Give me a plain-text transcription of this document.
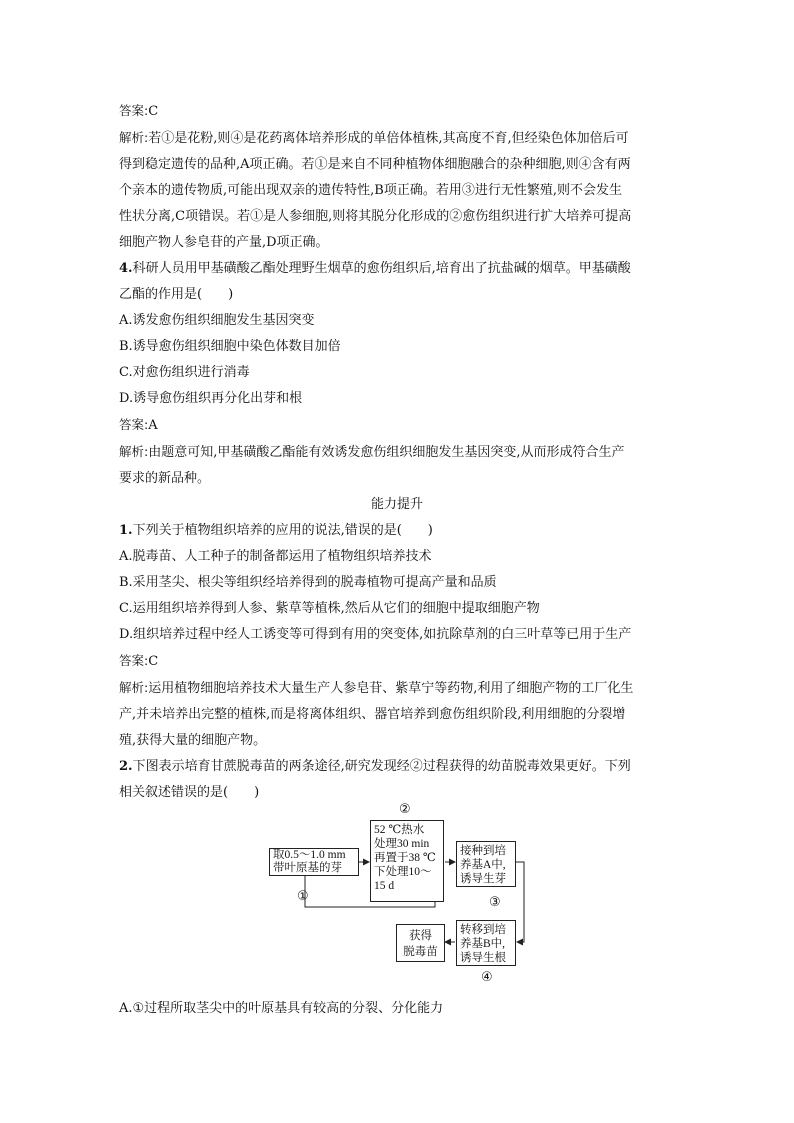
答案:C
解析:若①是花粉,则④是花药离体培养形成的单倍体植株,其高度不育,但经染色体加倍后可
得到稳定遗传的品种,A项正确。若①是来自不同种植物体细胞融合的杂种细胞,则④含有两
个亲本的遗传物质,可能出现双亲的遗传特性,B项正确。若用③进行无性繁殖,则不会发生
性状分离,C项错误。若①是人参细胞,则将其脱分化形成的②愈伤组织进行扩大培养可提高
细胞产物人参皂苷的产量,D项正确。
4.科研人员用甲基磺酸乙酯处理野生烟草的愈伤组织后,培育出了抗盐碱的烟草。甲基磺酸
乙酯的作用是(　　)
A.诱发愈伤组织细胞发生基因突变
B.诱导愈伤组织细胞中染色体数目加倍
C.对愈伤组织进行消毒
D.诱导愈伤组织再分化出芽和根
答案:A
解析:由题意可知,甲基磺酸乙酯能有效诱发愈伤组织细胞发生基因突变,从而形成符合生产
要求的新品种。
能力提升
1.下列关于植物组织培养的应用的说法,错误的是(　　)
A.脱毒苗、人工种子的制备都运用了植物组织培养技术
B.采用茎尖、根尖等组织经培养得到的脱毒植物可提高产量和品质
C.运用组织培养得到人参、紫草等植株,然后从它们的细胞中提取细胞产物
D.组织培养过程中经人工诱变等可得到有用的突变体,如抗除草剂的白三叶草等已用于生产
答案:C
解析:运用植物细胞培养技术大量生产人参皂苷、紫草宁等药物,利用了细胞产物的工厂化生
产,并未培养出完整的植株,而是将离体组织、器官培养到愈伤组织阶段,利用细胞的分裂增
殖,获得大量的细胞产物。
2.下图表示培育甘蔗脱毒苗的两条途径,研究发现经②过程获得的幼苗脱毒效果更好。下列
相关叙述错误的是(　　)
取0.5～1.0 mm
带叶原基的芽
52 ℃热水
处理30 min
再置于38 ℃
下处理10～
15 d
接种到培
养基A中,
诱导生芽
转移到培
养基B中,
诱导生根
获得
脱毒苗
②
①	③
④
A.①过程所取茎尖中的叶原基具有较高的分裂、分化能力
